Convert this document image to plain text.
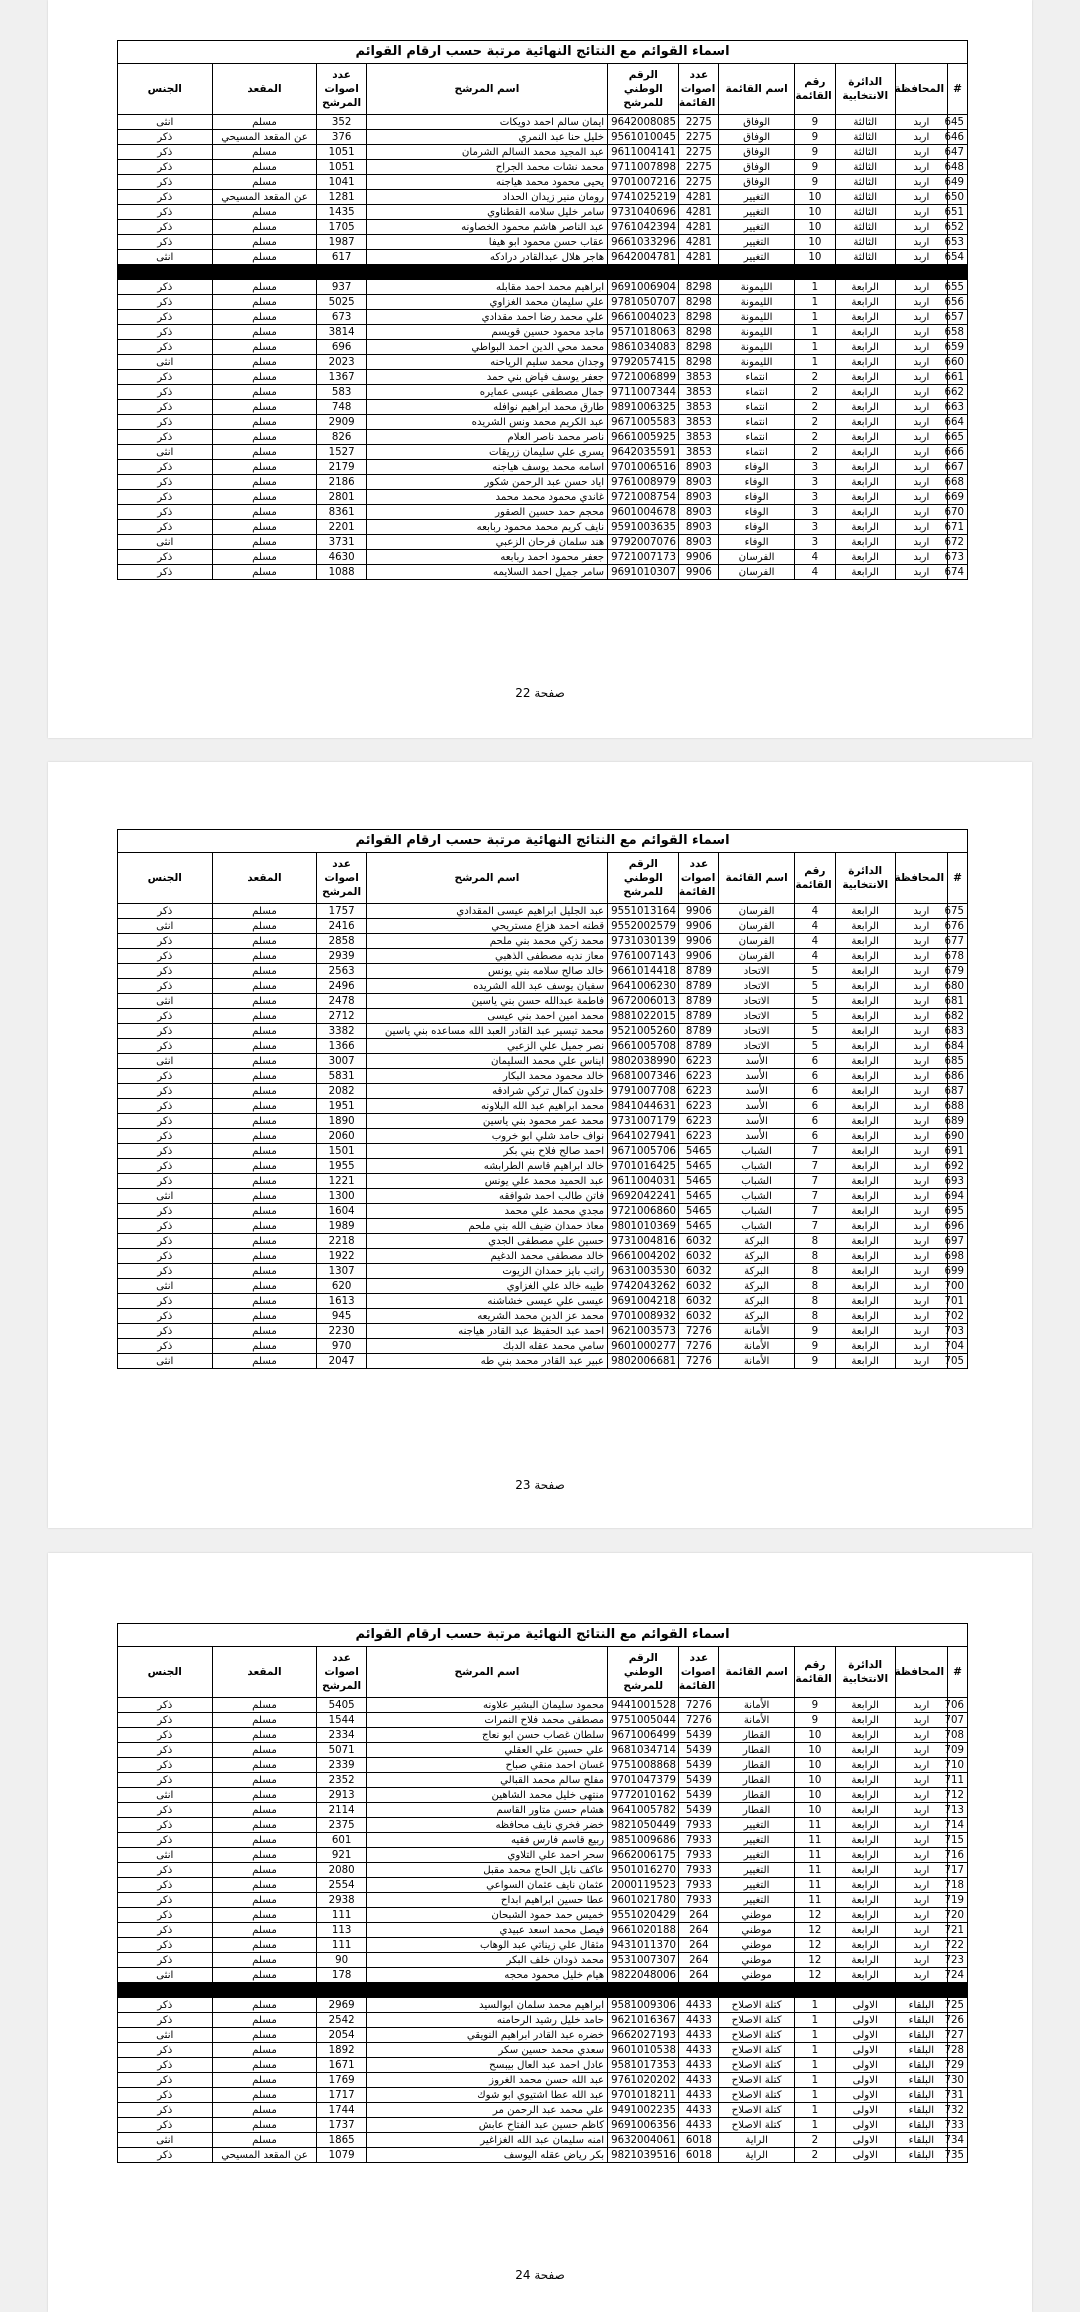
اسماء القوائم مع النتائج النهائية مرتبة حسب ارقام القوائم										
#	المحافظة	الدائرة الانتخابية	رقم القائمة	اسم القائمة	عدد اصوات القائمة	الرقم الوطني للمرشح	اسم المرشح	عدد اصوات المرشح	المقعد	الجنس
645	اربد	الثالثة	9	الوفاق	2275	9642008085	ايمان سالم احمد دويكات	352	مسلم	انثى
646	اربد	الثالثة	9	الوفاق	2275	9561010045	خليل حنا عبد النمري	376	عن المقعد المسيحي	ذكر
647	اربد	الثالثة	9	الوفاق	2275	9611004141	عبد المجيد محمد السالم الشرمان	1051	مسلم	ذكر
648	اربد	الثالثة	9	الوفاق	2275	9711007898	محمد نشات محمد الجراح	1051	مسلم	ذكر
649	اربد	الثالثة	9	الوفاق	2275	9701007216	يحيى محمود محمد هياجنه	1041	مسلم	ذكر
650	اربد	الثالثة	10	التغيير	4281	9741025219	رومان منير زيدان الحداد	1281	عن المقعد المسيحي	ذكر
651	اربد	الثالثة	10	التغيير	4281	9731040696	سامر خليل سلامه القطناوي	1435	مسلم	ذكر
652	اربد	الثالثة	10	التغيير	4281	9761042394	عبد الناصر هاشم محمود الخصاونه	1705	مسلم	ذكر
653	اربد	الثالثة	10	التغيير	4281	9661033296	عقاب حسن محمود ابو هيفا	1987	مسلم	ذكر
654	اربد	الثالثة	10	التغيير	4281	9642004781	هاجر هلال عبدالقادر درادكه	617	مسلم	انثى

655	اربد	الرابعة	1	الليمونة	8298	9691006904	ابراهيم محمد احمد مقابله	937	مسلم	ذكر
656	اربد	الرابعة	1	الليمونة	8298	9781050707	علي سليمان محمد الغزاوي	5025	مسلم	ذكر
657	اربد	الرابعة	1	الليمونة	8298	9661004023	علي محمد رضا احمد مقدادي	673	مسلم	ذكر
658	اربد	الرابعة	1	الليمونة	8298	9571018063	ماجد محمود حسين قويسم	3814	مسلم	ذكر
659	اربد	الرابعة	1	الليمونة	8298	9861034083	محمد محي الدين احمد البواطي	696	مسلم	ذكر
660	اربد	الرابعة	1	الليمونة	8298	9792057415	وجدان محمد سليم الرياحنه	2023	مسلم	انثى
661	اربد	الرابعة	2	انتماء	3853	9721006899	جعفر يوسف فياض بني حمد	1367	مسلم	ذكر
662	اربد	الرابعة	2	انتماء	3853	9711007344	جمال مصطفى عيسى عمايره	583	مسلم	ذكر
663	اربد	الرابعة	2	انتماء	3853	9891006325	طارق محمد ابراهيم نوافله	748	مسلم	ذكر
664	اربد	الرابعة	2	انتماء	3853	9671005583	عبد الكريم محمد ونس الشريده	2909	مسلم	ذكر
665	اربد	الرابعة	2	انتماء	3853	9661005925	ناصر محمد ناصر العلام	826	مسلم	ذكر
666	اربد	الرابعة	2	انتماء	3853	9642035591	يسرى علي سليمان زريقات	1527	مسلم	انثى
667	اربد	الرابعة	3	الوفاء	8903	9701006516	اسامه محمد يوسف هياجنه	2179	مسلم	ذكر
668	اربد	الرابعة	3	الوفاء	8903	9761008979	اياد حسن عبد الرحمن شكور	2186	مسلم	ذكر
669	اربد	الرابعة	3	الوفاء	8903	9721008754	غاندي محمود محمد محمد	2801	مسلم	ذكر
670	اربد	الرابعة	3	الوفاء	8903	9601004678	محجم حمد حسين الصقور	8361	مسلم	ذكر
671	اربد	الرابعة	3	الوفاء	8903	9591003635	نايف كريم محمد محمود ربابعه	2201	مسلم	ذكر
672	اربد	الرابعة	3	الوفاء	8903	9792007076	هند سلمان فرحان الزعبي	3731	مسلم	انثى
673	اربد	الرابعة	4	الفرسان	9906	9721007173	جعفر محمود احمد ربابعه	4630	مسلم	ذكر
674	اربد	الرابعة	4	الفرسان	9906	9691010307	سامر جميل احمد السلايمه	1088	مسلم	ذكر
صفحة 22
اسماء القوائم مع النتائج النهائية مرتبة حسب ارقام القوائم										
#	المحافظة	الدائرة الانتخابية	رقم القائمة	اسم القائمة	عدد اصوات القائمة	الرقم الوطني للمرشح	اسم المرشح	عدد اصوات المرشح	المقعد	الجنس
675	اربد	الرابعة	4	الفرسان	9906	9551013164	عبد الجليل ابراهيم عيسى المقدادي	1757	مسلم	ذكر
676	اربد	الرابعة	4	الفرسان	9906	9552002579	قطنه احمد هزاع مستريحي	2416	مسلم	انثى
677	اربد	الرابعة	4	الفرسان	9906	9731030139	محمد زكي محمد بني ملحم	2858	مسلم	ذكر
678	اربد	الرابعة	4	الفرسان	9906	9761007143	معاز نديه مصطفى الذهبي	2939	مسلم	ذكر
679	اربد	الرابعة	5	الاتحاد	8789	9661014418	خالد صالح سلامه بني يونس	2563	مسلم	ذكر
680	اربد	الرابعة	5	الاتحاد	8789	9641006230	سفيان يوسف عبد الله الشريده	2496	مسلم	ذكر
681	اربد	الرابعة	5	الاتحاد	8789	9672006013	فاطمة عبدالله حسن بني ياسين	2478	مسلم	انثى
682	اربد	الرابعة	5	الاتحاد	8789	9881022015	محمد امين احمد بني عيسى	2712	مسلم	ذكر
683	اربد	الرابعة	5	الاتحاد	8789	9521005260	محمد تيسير عبد القادر العبد الله مساعده بني ياسين	3382	مسلم	ذكر
684	اربد	الرابعة	5	الاتحاد	8789	9661005708	نصر جميل علي الزعبي	1366	مسلم	ذكر
685	اربد	الرابعة	6	الأسد	6223	9802038990	ايناس علي محمد السليمان	3007	مسلم	انثى
686	اربد	الرابعة	6	الأسد	6223	9681007346	خالد محمود محمد البكار	5831	مسلم	ذكر
687	اربد	الرابعة	6	الأسد	6223	9791007708	خلدون كمال تركي شرادقه	2082	مسلم	ذكر
688	اربد	الرابعة	6	الأسد	6223	9841044631	محمد ابراهيم عبد الله البلاونه	1951	مسلم	ذكر
689	اربد	الرابعة	6	الأسد	6223	9731007179	محمد عمر محمود بني ياسين	1890	مسلم	ذكر
690	اربد	الرابعة	6	الأسد	6223	9641027941	نواف حامد شلي ابو خروب	2060	مسلم	ذكر
691	اربد	الرابعة	7	الشباب	5465	9671005706	احمد صالح فلاح بني بكر	1501	مسلم	ذكر
692	اربد	الرابعة	7	الشباب	5465	9701016425	خالد ابراهيم قاسم الطرابشه	1955	مسلم	ذكر
693	اربد	الرابعة	7	الشباب	5465	9611004031	عبد الحميد محمد علي يونس	1221	مسلم	ذكر
694	اربد	الرابعة	7	الشباب	5465	9692042241	فاتن طالب احمد شوافقه	1300	مسلم	انثى
695	اربد	الرابعة	7	الشباب	5465	9721006860	مجدي محمد علي محمد	1604	مسلم	ذكر
696	اربد	الرابعة	7	الشباب	5465	9801010369	معاذ حمدان ضيف الله بني ملحم	1989	مسلم	ذكر
697	اربد	الرابعة	8	البركة	6032	9731004816	حسين علي مصطفى الجدي	2218	مسلم	ذكر
698	اربد	الرابعة	8	البركة	6032	9661004202	خالد مصطفى محمد الدغيم	1922	مسلم	ذكر
699	اربد	الرابعة	8	البركة	6032	9631003530	راتب بايز حمدان الزيوت	1307	مسلم	ذكر
700	اربد	الرابعة	8	البركة	6032	9742043262	طيبه خالد علي الغزاوي	620	مسلم	انثى
701	اربد	الرابعة	8	البركة	6032	9691004218	عيسى علي عيسى خشاشنه	1613	مسلم	ذكر
702	اربد	الرابعة	8	البركة	6032	9701008932	محمد عز الدين محمد الشريعه	945	مسلم	ذكر
703	اربد	الرابعة	9	الأمانة	7276	9621003573	احمد عبد الحفيظ عبد القادر هياجنه	2230	مسلم	ذكر
704	اربد	الرابعة	9	الأمانة	7276	9601000277	سامي محمد عقله الدبك	970	مسلم	ذكر
705	اربد	الرابعة	9	الأمانة	7276	9802006681	عبير عبد القادر محمد بني طه	2047	مسلم	انثى
صفحة 23
اسماء القوائم مع النتائج النهائية مرتبة حسب ارقام القوائم										
#	المحافظة	الدائرة الانتخابية	رقم القائمة	اسم القائمة	عدد اصوات القائمة	الرقم الوطني للمرشح	اسم المرشح	عدد اصوات المرشح	المقعد	الجنس
706	اربد	الرابعة	9	الأمانة	7276	9441001528	محمود سليمان البشير علاونه	5405	مسلم	ذكر
707	اربد	الرابعة	9	الأمانة	7276	9751005044	مصطفى محمد فلاح النمرات	1544	مسلم	ذكر
708	اربد	الرابعة	10	القطار	5439	9671006499	سلطان غصاب حسن ابو نعاج	2334	مسلم	ذكر
709	اربد	الرابعة	10	القطار	5439	9681034714	علي حسين علي العقلي	5071	مسلم	ذكر
710	اربد	الرابعة	10	القطار	5439	9751008868	غسان احمد منقي صباح	2339	مسلم	ذكر
711	اربد	الرابعة	10	القطار	5439	9701047379	مفلح سالم محمد القبالي	2352	مسلم	ذكر
712	اربد	الرابعة	10	القطار	5439	9772010162	منتهى خليل محمد الشاهين	2913	مسلم	انثى
713	اربد	الرابعة	10	القطار	5439	9641005782	هشام حسن متاور القاسم	2114	مسلم	ذكر
714	اربد	الرابعة	11	التغيير	7933	9821050449	خضر فخري نايف محافظه	2375	مسلم	ذكر
715	اربد	الرابعة	11	التغيير	7933	9851009686	ربيع قاسم فارس فقيه	601	مسلم	ذكر
716	اربد	الرابعة	11	التغيير	7933	9662006175	سحر احمد علي التلاوي	921	مسلم	انثى
717	اربد	الرابعة	11	التغيير	7933	9501016270	عاكف نايل الحاج محمد مقبل	2080	مسلم	ذكر
718	اربد	الرابعة	11	التغيير	7933	2000119523	عثمان نايف عثمان السواعي	2554	مسلم	ذكر
719	اربد	الرابعة	11	التغيير	7933	9601021780	عطا حسين ابراهيم ابداح	2938	مسلم	ذكر
720	اربد	الرابعة	12	موطني	264	9551020429	خميس حمد حمود الشبحان	111	مسلم	ذكر
721	اربد	الرابعة	12	موطني	264	9661020188	فيصل محمد اسعد عبيدي	113	مسلم	ذكر
722	اربد	الرابعة	12	موطني	264	9431011370	مثقال علي زيناتي عبد الوهاب	111	مسلم	ذكر
723	اربد	الرابعة	12	موطني	264	9531007307	محمد ذودان خلف البكر	90	مسلم	ذكر
724	اربد	الرابعة	12	موطني	264	9822048006	هيام خليل محمود محجه	178	مسلم	انثى

725	البلقاء	الاولى	1	كتلة الاصلاح	4433	9581009306	ابراهيم محمد سلمان ابوالسيد	2969	مسلم	ذكر
726	البلقاء	الاولى	1	كتلة الاصلاح	4433	9621016367	حامد خليل رشيد الرحامنه	2542	مسلم	ذكر
727	البلقاء	الاولى	1	كتلة الاصلاح	4433	9662027193	خضره عبد القادر ابراهيم النويقي	2054	مسلم	انثى
728	البلقاء	الاولى	1	كتلة الاصلاح	4433	9601010538	سعدي محمد حسين سكر	1892	مسلم	ذكر
729	البلقاء	الاولى	1	كتلة الاصلاح	4433	9581017353	عادل احمد عبد العال بيبسح	1671	مسلم	ذكر
730	البلقاء	الاولى	1	كتلة الاصلاح	4433	9761020202	عبد الله حسن محمد الغروز	1769	مسلم	ذكر
731	البلقاء	الاولى	1	كتلة الاصلاح	4433	9701018211	عبد الله عطا اشتيوي ابو شوك	1717	مسلم	ذكر
732	البلقاء	الاولى	1	كتلة الاصلاح	4433	9491002235	علي محمد عبد الرحمن مر	1744	مسلم	ذكر
733	البلقاء	الاولى	1	كتلة الاصلاح	4433	9691006356	كاظم حسين عبد الفتاح عابش	1737	مسلم	ذكر
734	البلقاء	الاولى	2	الراية	6018	9632004061	امنه سليمان عبد الله الغزاغير	1865	مسلم	انثى
735	البلقاء	الاولى	2	الراية	6018	9821039516	بكر رياض عقله اليوسف	1079	عن المقعد المسيحي	ذكر
صفحة 24
